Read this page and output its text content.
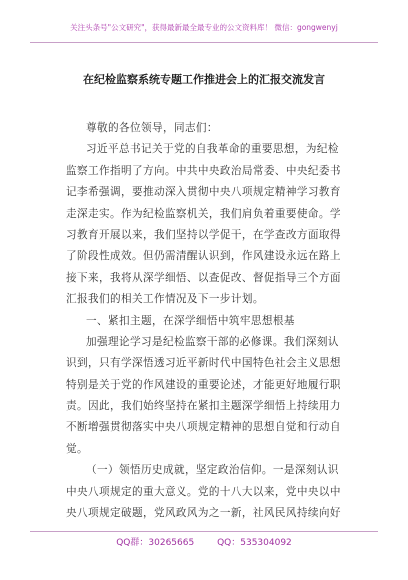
关注头条号"公文研究"，获得最新最全最专业的公文资料库！ 微信：gongwenyj
在纪检监察系统专题工作推进会上的汇报交流发言
尊敬的各位领导，同志们：
习近平总书记关于党的自我革命的重要思想，为纪检
监察工作指明了方向。中共中央政治局常委、中央纪委书
记李希强调，要推动深入贯彻中央八项规定精神学习教育
走深走实。作为纪检监察机关，我们肩负着重要使命。学
习教育开展以来，我们坚持以学促干，在学查改方面取得
了阶段性成效。但仍需清醒认识到，作风建设永远在路上
接下来，我将从深学细悟、以查促改、督促指导三个方面
汇报我们的相关工作情况及下一步计划。
一、紧扣主题，在深学细悟中筑牢思想根基
加强理论学习是纪检监察干部的必修课。我们深刻认
识到，只有学深悟透习近平新时代中国特色社会主义思想
特别是关于党的作风建设的重要论述，才能更好地履行职
责。因此，我们始终坚持在紧扣主题深学细悟上持续用力
不断增强贯彻落实中央八项规定精神的思想自觉和行动自
觉。
（一）领悟历史成就，坚定政治信仰。一是深刻认识
中央八项规定的重大意义。党的十八大以来，党中央以中
央八项规定破题，党风政风为之一新，社风民风持续向好
QQ群：30265665	QQ：535304092
